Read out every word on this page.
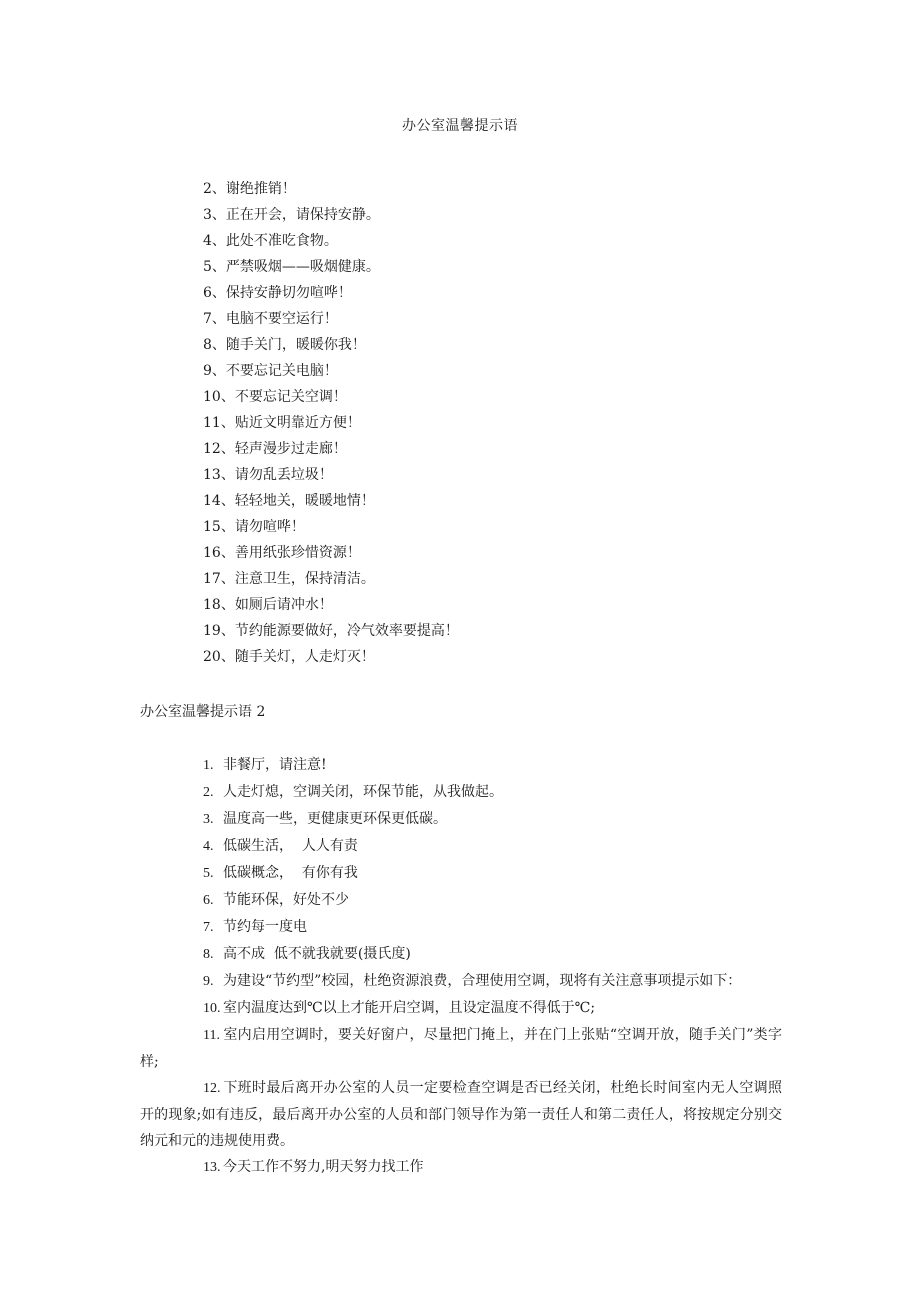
办公室温馨提示语
2、谢绝推销！
3、正在开会，请保持安静。
4、此处不准吃食物。
5、严禁吸烟——吸烟健康。
6、保持安静切勿喧哗！
7、电脑不要空运行！
8、随手关门，暖暖你我！
9、不要忘记关电脑！
10、不要忘记关空调！
11、贴近文明靠近方便！
12、轻声漫步过走廊！
13、请勿乱丢垃圾！
14、轻轻地关，暖暖地情！
15、请勿喧哗！
16、善用纸张珍惜资源！
17、注意卫生，保持清洁。
18、如厕后请冲水！
19、节约能源要做好，冷气效率要提高！
20、随手关灯，人走灯灭！
办公室温馨提示语 2
1. 非餐厅，请注意!
2. 人走灯熄，空调关闭，环保节能，从我做起。
3. 温度高一些，更健康更环保更低碳。
4. 低碳生活，  人人有责
5. 低碳概念，  有你有我
6. 节能环保，好处不少
7. 节约每一度电
8. 高不成  低不就我就要(摄氏度)
9. 为建设“节约型”校园，杜绝资源浪费，合理使用空调，现将有关注意事项提示如下：
10. 室内温度达到℃以上才能开启空调，且设定温度不得低于℃;
11. 室内启用空调时，要关好窗户，尽量把门掩上，并在门上张贴“空调开放，随手关门”类字样;
12. 下班时最后离开办公室的人员一定要检查空调是否已经关闭，杜绝长时间室内无人空调照开的现象;如有违反，最后离开办公室的人员和部门领导作为第一责任人和第二责任人，将按规定分别交纳元和元的违规使用费。
13. 今天工作不努力,明天努力找工作
